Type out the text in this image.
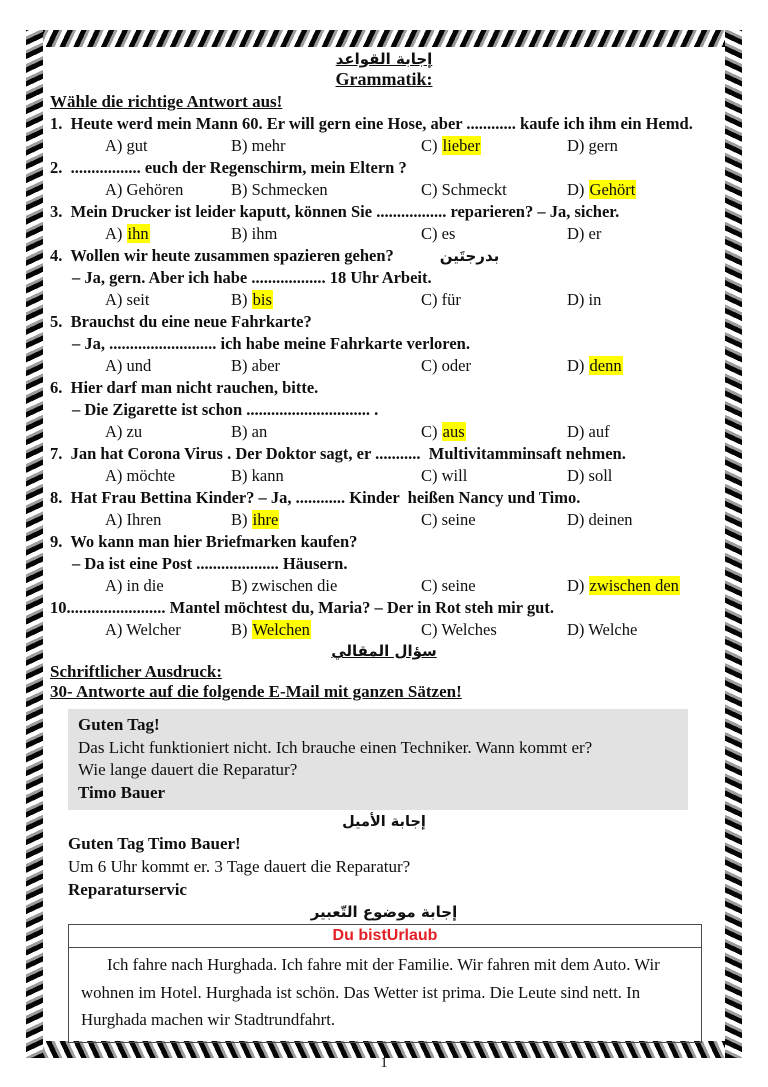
إجابة القواعد
Grammatik:
Wähle die richtige Antwort aus!
1.  Heute werd mein Mann 60. Er will gern eine Hose, aber ............ kaufe ich ihm ein Hemd.
A) gut	B) mehr	C) lieber	D) gern
2.  ................. euch der Regenschirm, mein Eltern ?
A) Gehören	B) Schmecken	C) Schmeckt	D) Gehört
3.  Mein Drucker ist leider kaputt, können Sie ................. reparieren? – Ja, sicher.
A) ihn	B) ihm	C) es	D) er
4.  Wollen wir heute zusammen spazieren gehen?	بدرجتَين
– Ja, gern. Aber ich habe .................. 18 Uhr Arbeit.
A) seit	B) bis	C) für	D) in
5.  Brauchst du eine neue Fahrkarte?
– Ja, .......................... ich habe meine Fahrkarte verloren.
A) und	B) aber	C) oder	D) denn
6.  Hier darf man nicht rauchen, bitte.
– Die Zigarette ist schon .............................. .
A) zu	B) an	C) aus	D) auf
7.  Jan hat Corona Virus . Der Doktor sagt, er ...........  Multivitamminsaft nehmen.
A) möchte	B) kann	C) will	D) soll
8.  Hat Frau Bettina Kinder? – Ja, ............ Kinder  heißen Nancy und Timo.
A) Ihren	B) ihre	C) seine	D) deinen
9.  Wo kann man hier Briefmarken kaufen?
– Da ist eine Post .................... Häusern.
A) in die	B) zwischen die	C) seine	D) zwischen den
10........................ Mantel möchtest du, Maria? – Der in Rot steh mir gut.
A) Welcher	B) Welchen	C) Welches	D) Welche
سؤال المقالي
Schriftlicher Ausdruck:
30- Antworte auf die folgende E-Mail mit ganzen Sätzen!
Guten Tag!
Das Licht funktioniert nicht. Ich brauche einen Techniker. Wann kommt er?
Wie lange dauert die Reparatur?
Timo Bauer
إجابة الأميل
Guten Tag Timo Bauer!
Um 6 Uhr kommt er. 3 Tage dauert die Reparatur?
Reparaturservic
إجابة موضوع التّعبير
Du bistUrlaub
Ich fahre nach Hurghada. Ich fahre mit der Familie. Wir fahren mit dem Auto. Wir wohnen im Hotel. Hurghada ist schön. Das Wetter ist prima. Die Leute sind nett. In Hurghada machen wir Stadtrundfahrt.
1
